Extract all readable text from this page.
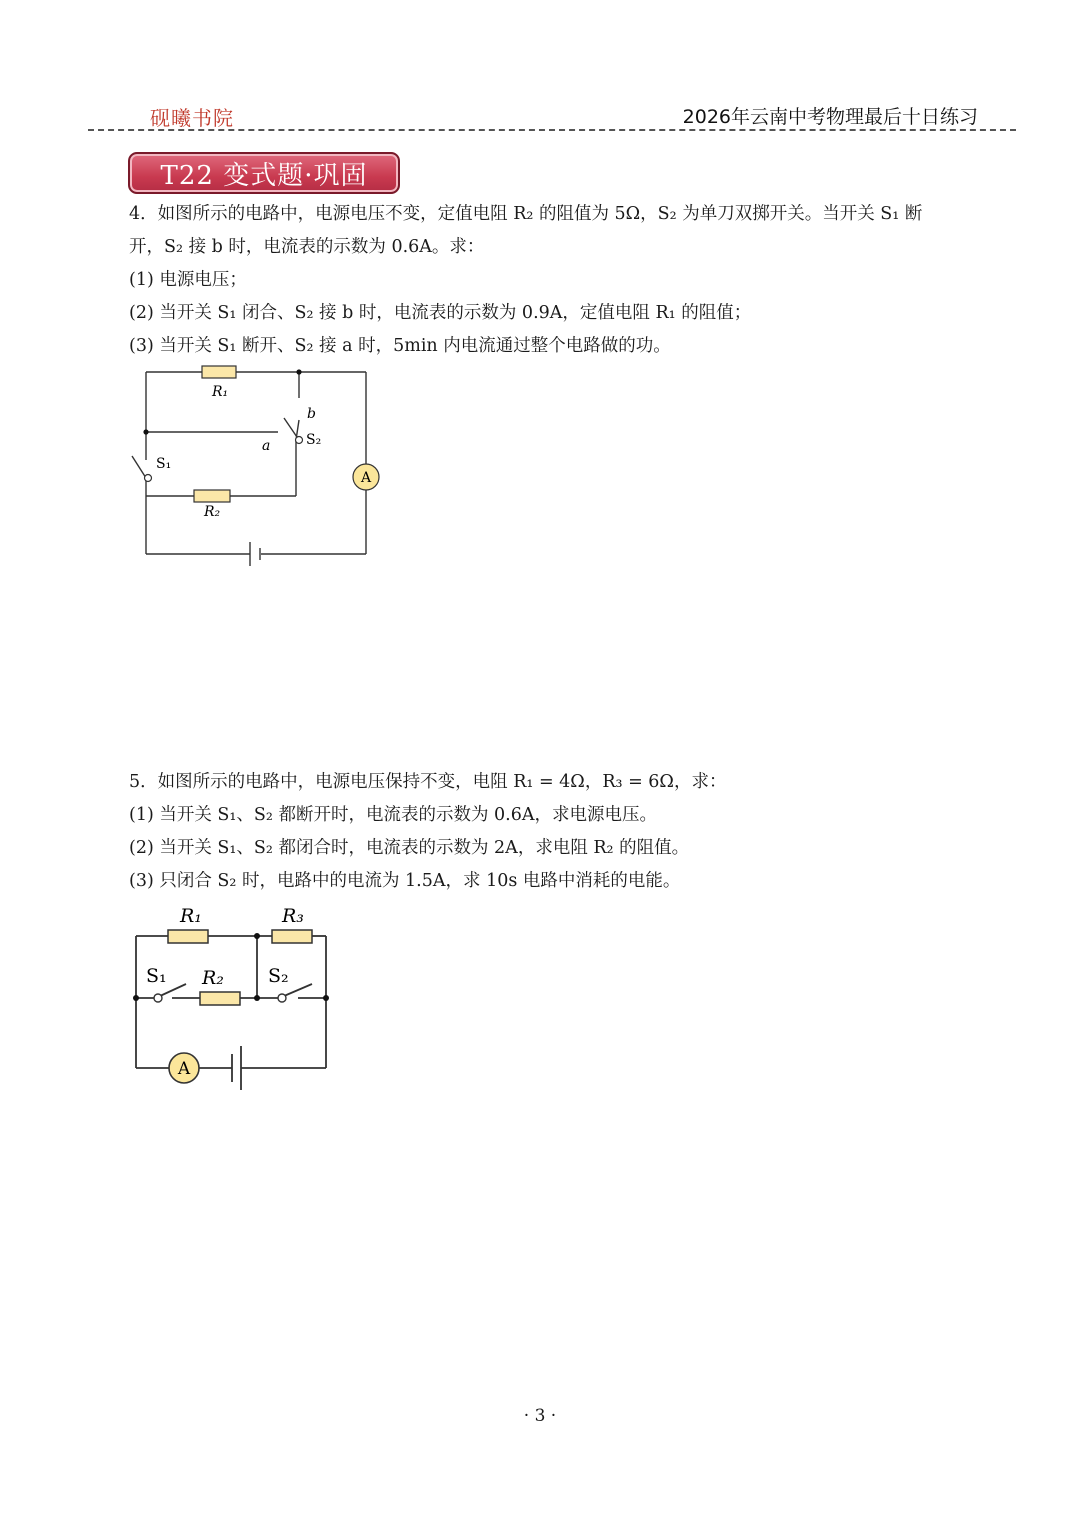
砚曦书院	2026年云南中考物理最后十日练习
T22 变式题·巩固
4．如图所示的电路中，电源电压不变，定值电阻 R₂ 的阻值为 5Ω，S₂ 为单刀双掷开关。当开关 S₁ 断
开，S₂ 接 b 时，电流表的示数为 0.6A。求：
(1) 电源电压；
(2) 当开关 S₁ 闭合、S₂ 接 b 时，电流表的示数为 0.9A，定值电阻 R₁ 的阻值；
(3) 当开关 S₁ 断开、S₂ 接 a 时，5min 内电流通过整个电路做的功。
A
R₁
R₂
S₁
S₂
a
b
5．如图所示的电路中，电源电压保持不变，电阻 R₁ = 4Ω，R₃ = 6Ω，求：
(1) 当开关 S₁、S₂ 都断开时，电流表的示数为 0.6A，求电源电压。
(2) 当开关 S₁、S₂ 都闭合时，电流表的示数为 2A，求电阻 R₂ 的阻值。
(3) 只闭合 S₂ 时，电路中的电流为 1.5A，求 10s 电路中消耗的电能。
A
R₁	R₃
R₂
S₁	S₂
· 3 ·
